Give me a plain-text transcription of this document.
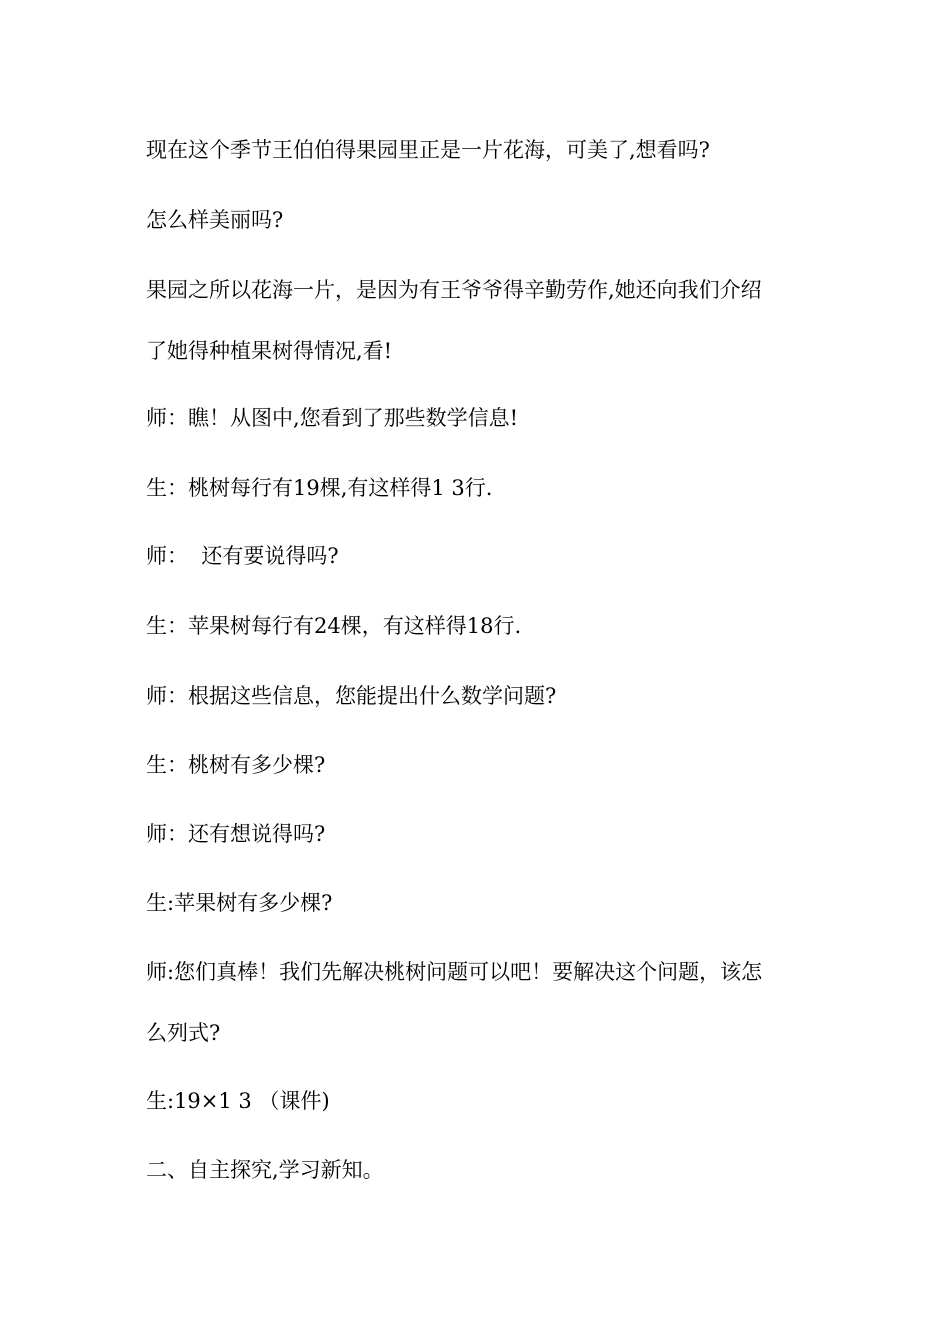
现在这个季节王伯伯得果园里正是一片花海，可美了,想看吗?
怎么样美丽吗?
果园之所以花海一片，是因为有王爷爷得辛勤劳作,她还向我们介绍
了她得种植果树得情况,看!
师：瞧！从图中,您看到了那些数学信息!
生：桃树每行有19棵,有这样得1 3行.
师：  还有要说得吗?
生：苹果树每行有24棵，有这样得18行.
师：根据这些信息，您能提出什么数学问题?
生：桃树有多少棵?
师：还有想说得吗?
生:苹果树有多少棵?
师:您们真棒！我们先解决桃树问题可以吧！要解决这个问题，该怎
么列式?
生:19×1 3 （课件)
二、自主探究,学习新知。
